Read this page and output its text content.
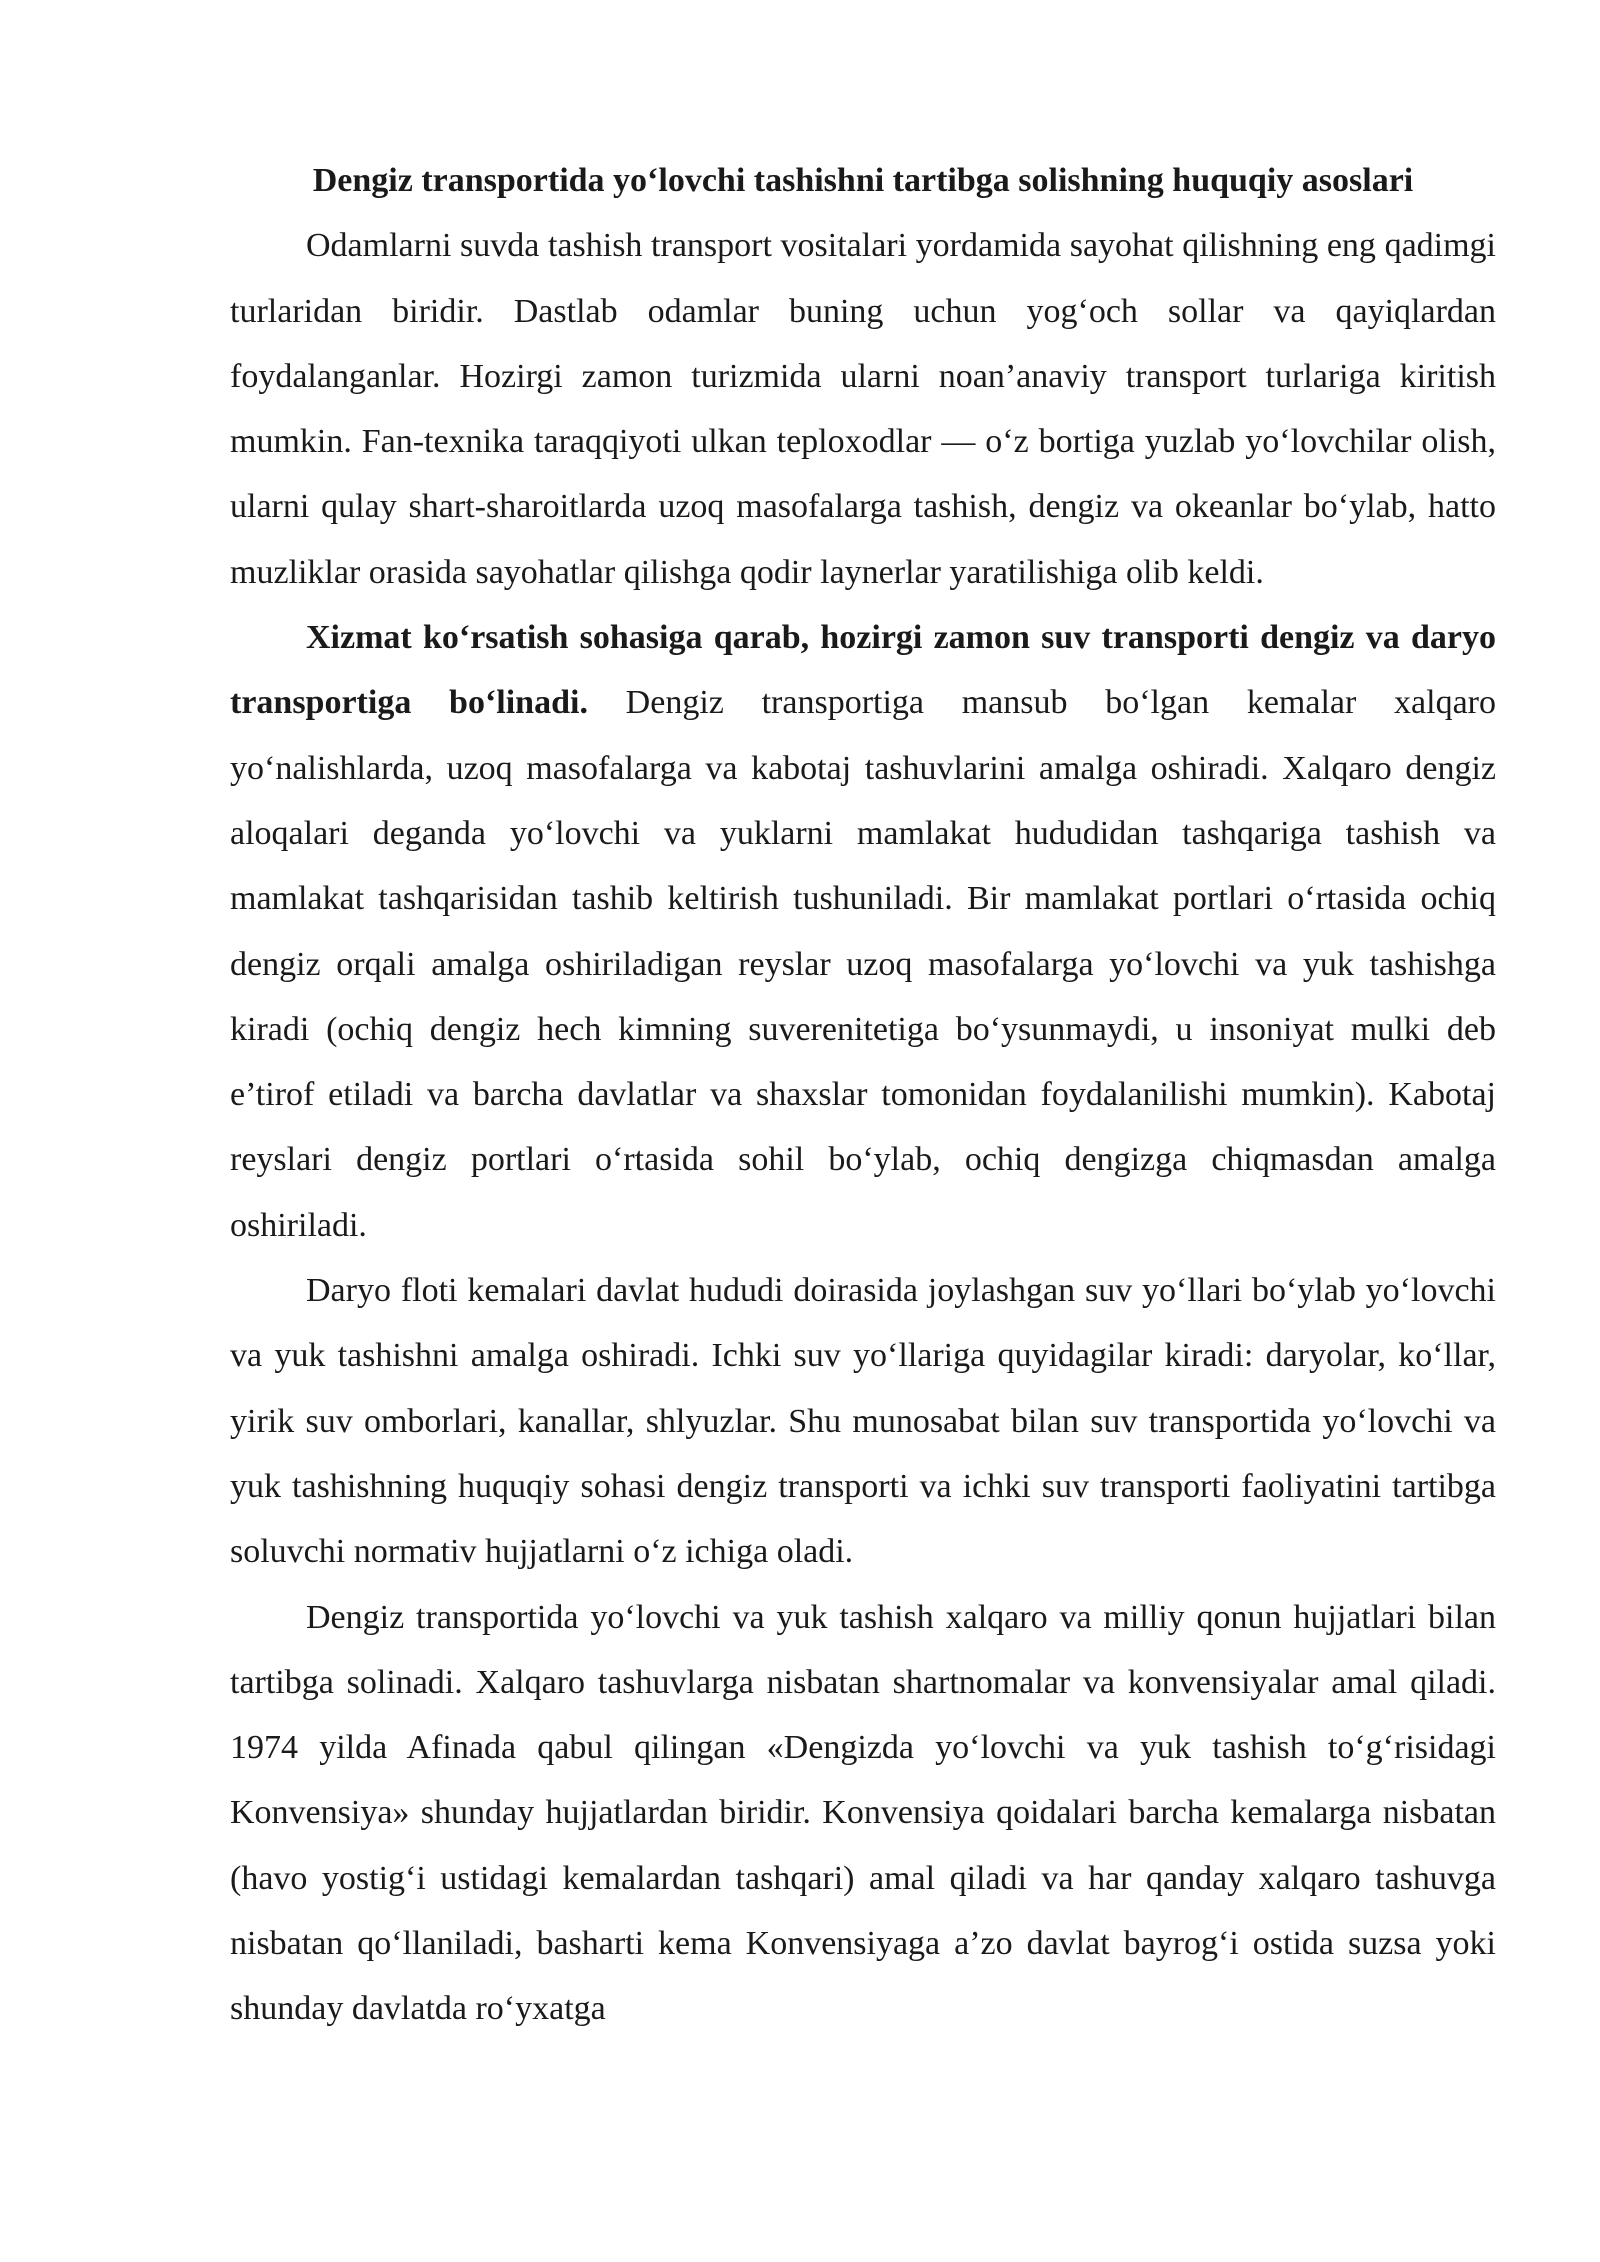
Dengiz transportida yo‘lovchi tashishni tartibga solishning huquqiy asoslari

Odamlarni suvda tashish transport vositalari yordamida sayohat qilishning eng qadimgi turlaridan biridir. Dastlab odamlar buning uchun yog‘och sollar va qayiqlardan foydalanganlar. Hozirgi zamon turizmida ularni noan’anaviy transport turlariga kiritish mumkin. Fan-texnika taraqqiyoti ulkan teploxodlar — o‘z bortiga yuzlab yo‘lovchilar olish, ularni qulay shart-sharoitlarda uzoq masofalarga tashish, dengiz va okeanlar bo‘ylab, hatto muzliklar orasida sayohatlar qilishga qodir laynerlar yaratilishiga olib keldi.

Xizmat ko‘rsatish sohasiga qarab, hozirgi zamon suv transporti dengiz va daryo transportiga bo‘linadi. Dengiz transportiga mansub bo‘lgan kemalar xalqaro yo‘nalishlarda, uzoq masofalarga va kabotaj tashuvlarini amalga oshiradi. Xalqaro dengiz aloqalari deganda yo‘lovchi va yuklarni mamlakat hududidan tashqariga tashish va mamlakat tashqarisidan tashib keltirish tushuniladi. Bir mamlakat portlari o‘rtasida ochiq dengiz orqali amalga oshiriladigan reyslar uzoq masofalarga yo‘lovchi va yuk tashishga kiradi (ochiq dengiz hech kimning suverenitetiga bo‘ysunmaydi, u insoniyat mulki deb e’tirof etiladi va barcha davlatlar va shaxslar tomonidan foydalanilishi mumkin). Kabotaj reyslari dengiz portlari o‘rtasida sohil bo‘ylab, ochiq dengizga chiqmasdan amalga oshiriladi.

Daryo floti kemalari davlat hududi doirasida joylashgan suv yo‘llari bo‘ylab yo‘lovchi va yuk tashishni amalga oshiradi. Ichki suv yo‘llariga quyidagilar kiradi: daryolar, ko‘llar, yirik suv omborlari, kanallar, shlyuzlar. Shu munosabat bilan suv transportida yo‘lovchi va yuk tashishning huquqiy sohasi dengiz transporti va ichki suv transporti faoliyatini tartibga soluvchi normativ hujjatlarni o‘z ichiga oladi.

Dengiz transportida yo‘lovchi va yuk tashish xalqaro va milliy qonun hujjatlari bilan tartibga solinadi. Xalqaro tashuvlarga nisbatan shartnomalar va konvensiyalar amal qiladi. 1974 yilda Afinada qabul qilingan «Dengizda yo‘lovchi va yuk tashish to‘g‘risidagi Konvensiya» shunday hujjatlardan biridir. Konvensiya qoidalari barcha kemalarga nisbatan (havo yostig‘i ustidagi kemalardan tashqari) amal qiladi va har qanday xalqaro tashuvga nisbatan qo‘llaniladi, basharti kema Konvensiyaga a’zo davlat bayrog‘i ostida suzsa yoki shunday davlatda ro‘yxatga
